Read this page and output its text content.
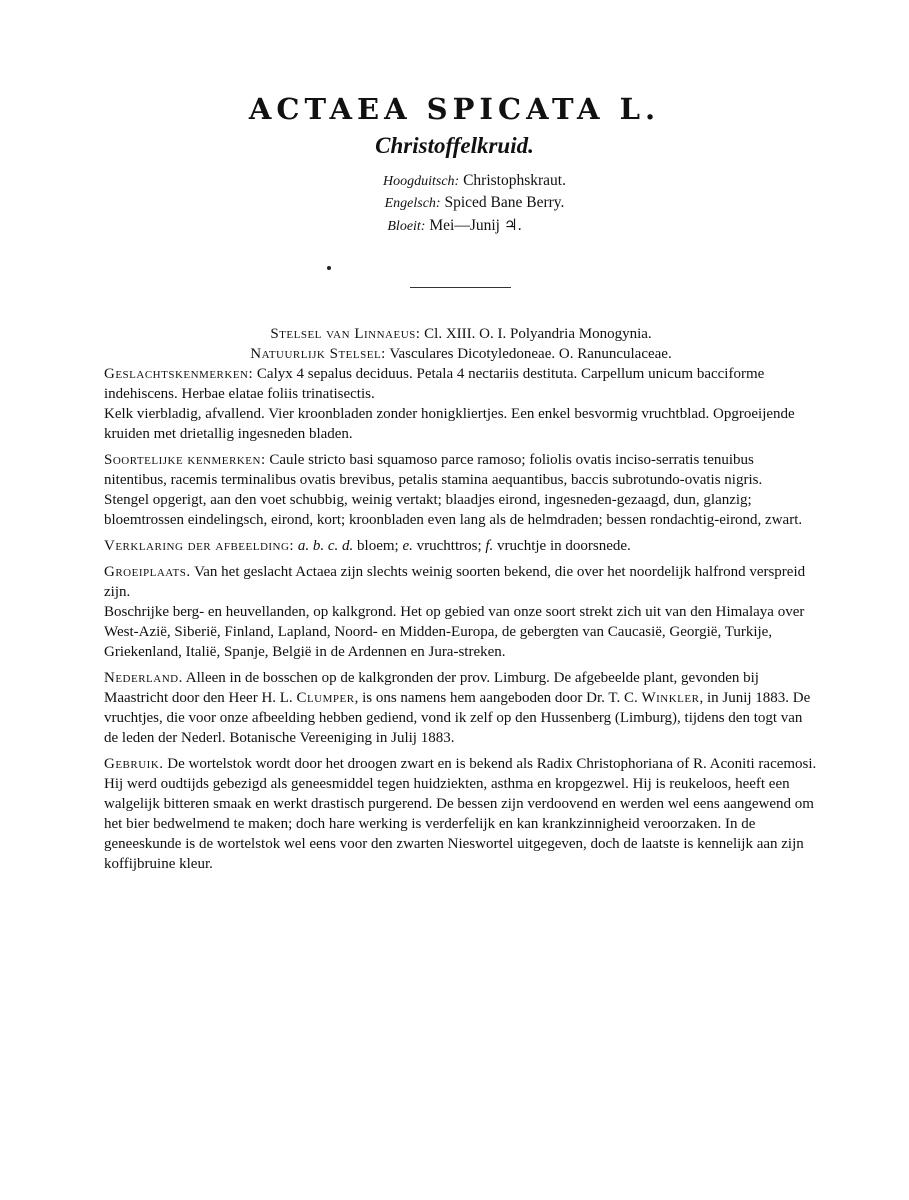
ACTAEA SPICATA L.
Christoffelkruid.
Hoogduitsch: Christophskraut.
Engelsch: Spiced Bane Berry.
Bloeit: Mei—Junij ♃.

Stelsel van Linnaeus: Cl. XIII. O. I. Polyandria Monogynia.

Natuurlijk Stelsel: Vasculares Dicotyledoneae. O. Ranunculaceae.

Geslachtskenmerken: Calyx 4 sepalus deciduus. Petala 4 nectariis destituta. Carpellum unicum bacciforme indehiscens. Herbae elatae foliis trinatisectis.

Kelk vierbladig, afvallend. Vier kroonbladen zonder honigkliertjes. Een enkel besvormig vruchtblad. Opgroeijende kruiden met drietallig ingesneden bladen.

Soortelijke kenmerken: Caule stricto basi squamoso parce ramoso; foliolis ovatis inciso-serratis tenuibus nitentibus, racemis terminalibus ovatis brevibus, petalis stamina aequantibus, baccis subrotundo-ovatis nigris.

Stengel opgerigt, aan den voet schubbig, weinig vertakt; blaadjes eirond, ingesneden-gezaagd, dun, glanzig; bloemtrossen eindelingsch, eirond, kort; kroonbladen even lang als de helmdraden; bessen rondachtig-eirond, zwart.

Verklaring der afbeelding: a. b. c. d. bloem; e. vruchttros; f. vruchtje in doorsnede.

Groeiplaats. Van het geslacht Actaea zijn slechts weinig soorten bekend, die over het noordelijk halfrond verspreid zijn.

Boschrijke berg- en heuvellanden, op kalkgrond. Het op gebied van onze soort strekt zich uit van den Himalaya over West-Azië, Siberië, Finland, Lapland, Noord- en Midden-Europa, de gebergten van Caucasië, Georgië, Turkije, Griekenland, Italië, Spanje, België in de Ardennen en Jura-streken.

Nederland. Alleen in de bosschen op de kalkgronden der prov. Limburg. De afgebeelde plant, gevonden bij Maastricht door den Heer H. L. Clumper, is ons namens hem aangeboden door Dr. T. C. Winkler, in Junij 1883. De vruchtjes, die voor onze afbeelding hebben gediend, vond ik zelf op den Hussenberg (Limburg), tijdens den togt van de leden der Nederl. Botanische Vereeniging in Julij 1883.

Gebruik. De wortelstok wordt door het droogen zwart en is bekend als Radix Christophoriana of R. Aconiti racemosi. Hij werd oudtijds gebezigd als geneesmiddel tegen huidziekten, asthma en kropgezwel. Hij is reukeloos, heeft een walgelijk bitteren smaak en werkt drastisch purgerend. De bessen zijn verdoovend en werden wel eens aangewend om het bier bedwelmend te maken; doch hare werking is verderfelijk en kan krankzinnigheid veroorzaken. In de geneeskunde is de wortelstok wel eens voor den zwarten Nieswortel uitgegeven, doch de laatste is kennelijk aan zijn koffijbruine kleur.
